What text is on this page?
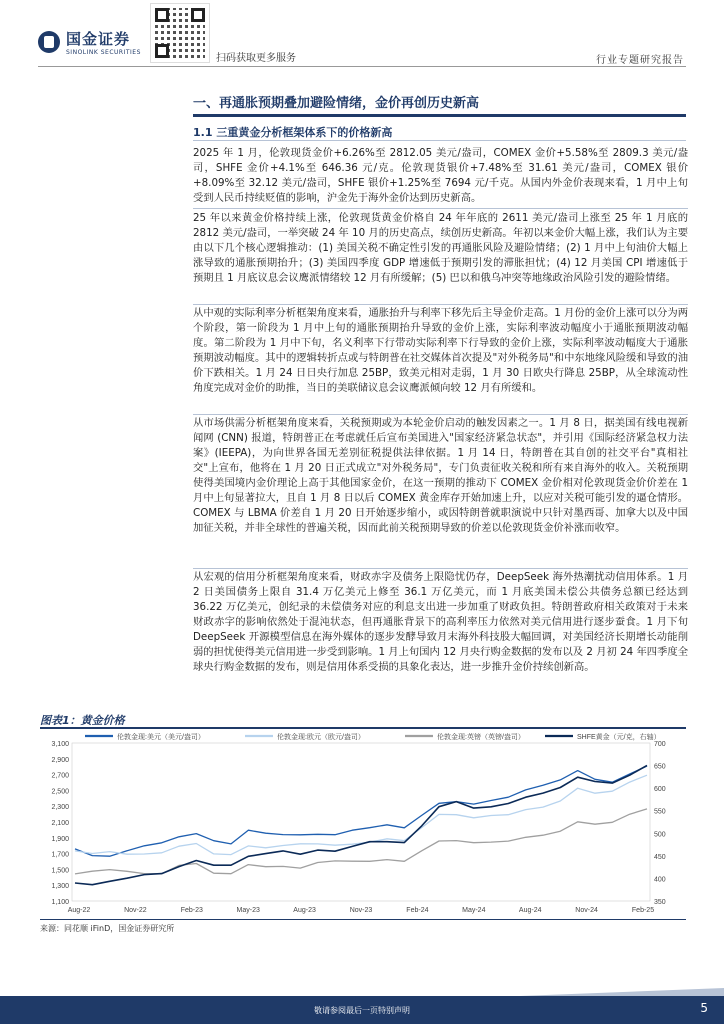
国金证券
SINOLINK SECURITIES
扫码获取更多服务	行业专题研究报告
一、再通胀预期叠加避险情绪，金价再创历史新高
1.1 三重黄金分析框架体系下的价格新高
2025 年 1 月，伦敦现货金价+6.26%至 2812.05 美元/盎司，COMEX 金价+5.58%至 2809.3 美元/盎司，SHFE 金价+4.1%至 646.36 元/克。伦敦现货银价+7.48%至 31.61 美元/盎司，COMEX 银价+8.09%至 32.12 美元/盎司，SHFE 银价+1.25%至 7694 元/千克。从国内外金价表现来看，1 月中上旬受到人民币持续贬值的影响，沪金先于海外金价达到历史新高。
25 年以来黄金价格持续上涨，伦敦现货黄金价格自 24 年年底的 2611 美元/盎司上涨至 25 年 1 月底的 2812 美元/盎司，一举突破 24 年 10 月的历史高点，续创历史新高。年初以来金价大幅上涨，我们认为主要由以下几个核心逻辑推动：(1) 美国关税不确定性引发的再通胀风险及避险情绪；(2) 1 月中上旬油价大幅上涨导致的通胀预期抬升；(3) 美国四季度 GDP 增速低于预期引发的滞胀担忧；(4) 12 月美国 CPI 增速低于预期且 1 月底议息会议鹰派情绪较 12 月有所缓解；(5) 巴以和俄乌冲突等地缘政治风险引发的避险情绪。
从中观的实际利率分析框架角度来看，通胀抬升与利率下移先后主导金价走高。1 月份的金价上涨可以分为两个阶段，第一阶段为 1 月中上旬的通胀预期抬升导致的金价上涨，实际利率波动幅度小于通胀预期波动幅度。第二阶段为 1 月中下旬，名义利率下行带动实际利率下行导致的金价上涨，实际利率波动幅度大于通胀预期波动幅度。其中的逻辑转折点或与特朗普在社交媒体首次提及"对外税务局"和中东地缘风险缓和导致的油价下跌相关。1 月 24 日日央行加息 25BP，致美元相对走弱，1 月 30 日欧央行降息 25BP，从全球流动性角度完成对金价的助推，当日的美联储议息会议鹰派倾向较 12 月有所缓和。
从市场供需分析框架角度来看，关税预期或为本轮金价启动的触发因素之一。1 月 8 日，据美国有线电视新闻网 (CNN) 报道，特朗普正在考虑就任后宣布美国进入"国家经济紧急状态"，并引用《国际经济紧急权力法案》(IEEPA)，为向世界各国无差别征税提供法律依据。1 月 14 日，特朗普在其自创的社交平台"真相社交"上宣布，他将在 1 月 20 日正式成立"对外税务局"，专门负责征收关税和所有来自海外的收入。关税预期使得美国境内金价理论上高于其他国家金价，在这一预期的推动下 COMEX 金价相对伦敦现货金价价差在 1 月中上旬显著拉大，且自 1 月 8 日以后 COMEX 黄金库存开始加速上升，以应对关税可能引发的逼仓情形。COMEX 与 LBMA 价差自 1 月 20 日开始逐步缩小，或因特朗普就职演说中只针对墨西哥、加拿大以及中国加征关税，并非全球性的普遍关税，因而此前关税预期导致的价差以伦敦现货金价补涨而收窄。
从宏观的信用分析框架角度来看，财政赤字及债务上限隐忧仍存，DeepSeek 海外热潮扰动信用体系。1 月 2 日美国债务上限自 31.4 万亿美元上修至 36.1 万亿美元，而 1 月底美国未偿公共债务总额已经达到 36.22 万亿美元，创纪录的未偿债务对应的利息支出进一步加重了财政负担。特朗普政府相关政策对于未来财政赤字的影响依然处于混沌状态，但再通胀背景下的高利率压力依然对美元信用进行逐步蚕食。1 月下旬 DeepSeek 开源模型信息在海外媒体的逐步发酵导致月末海外科技股大幅回调，对美国经济长期增长动能削弱的担忧使得美元信用进一步受到影响。1 月上旬国内 12 月央行购金数据的发布以及 2 月初 24 年四季度全球央行购金数据的发布，则是信用体系受损的具象化表达，进一步推升金价持续创新高。
图表1：黄金价格
1,100
1,300
1,500
1,700
1,900
2,100
2,300
2,500
2,700
2,900
3,100
350
400
450
500
550
600
650
700
Aug-22	Nov-22	Feb-23	May-23	Aug-23	Nov-23	Feb-24	May-24	Aug-24	Nov-24	Feb-25
伦敦金现:美元（美元/盎司）	伦敦金现:欧元（欧元/盎司）	伦敦金现:英镑（英镑/盎司）	SHFE黄金（元/克，右轴）
来源：同花顺 iFinD，国金证券研究所
敬请参阅最后一页特别声明	5
